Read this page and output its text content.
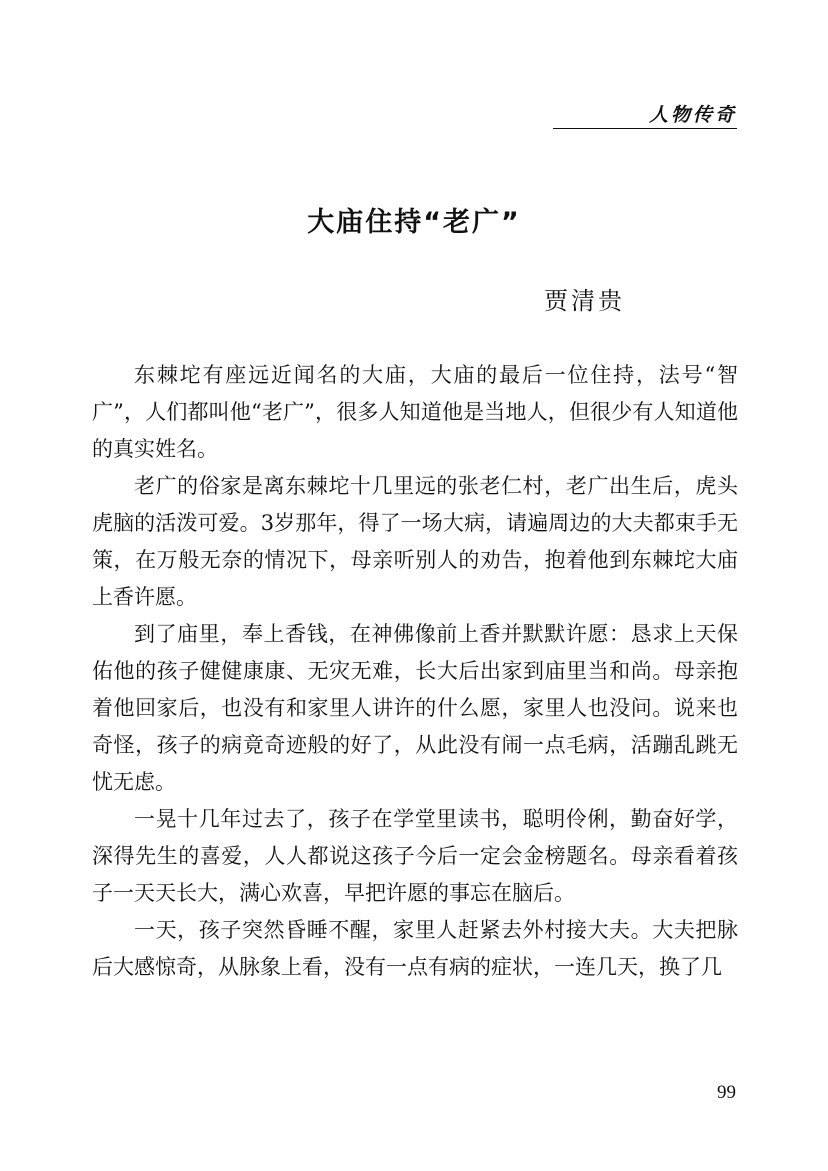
人物传奇
大庙住持“老广”
贾清贵

东棘坨有座远近闻名的大庙，大庙的最后一位住持，法号“智广”，人们都叫他“老广”，很多人知道他是当地人，但很少有人知道他的真实姓名。

老广的俗家是离东棘坨十几里远的张老仁村，老广出生后，虎头虎脑的活泼可爱。3岁那年，得了一场大病，请遍周边的大夫都束手无策，在万般无奈的情况下，母亲听别人的劝告，抱着他到东棘坨大庙上香许愿。

到了庙里，奉上香钱，在神佛像前上香并默默许愿：恳求上天保佑他的孩子健健康康、无灾无难，长大后出家到庙里当和尚。母亲抱着他回家后，也没有和家里人讲许的什么愿，家里人也没问。说来也奇怪，孩子的病竟奇迹般的好了，从此没有闹一点毛病，活蹦乱跳无忧无虑。

一晃十几年过去了，孩子在学堂里读书，聪明伶俐，勤奋好学，深得先生的喜爱，人人都说这孩子今后一定会金榜题名。母亲看着孩子一天天长大，满心欢喜，早把许愿的事忘在脑后。

一天，孩子突然昏睡不醒，家里人赶紧去外村接大夫。大夫把脉后大感惊奇，从脉象上看，没有一点有病的症状，一连几天，换了几

99
